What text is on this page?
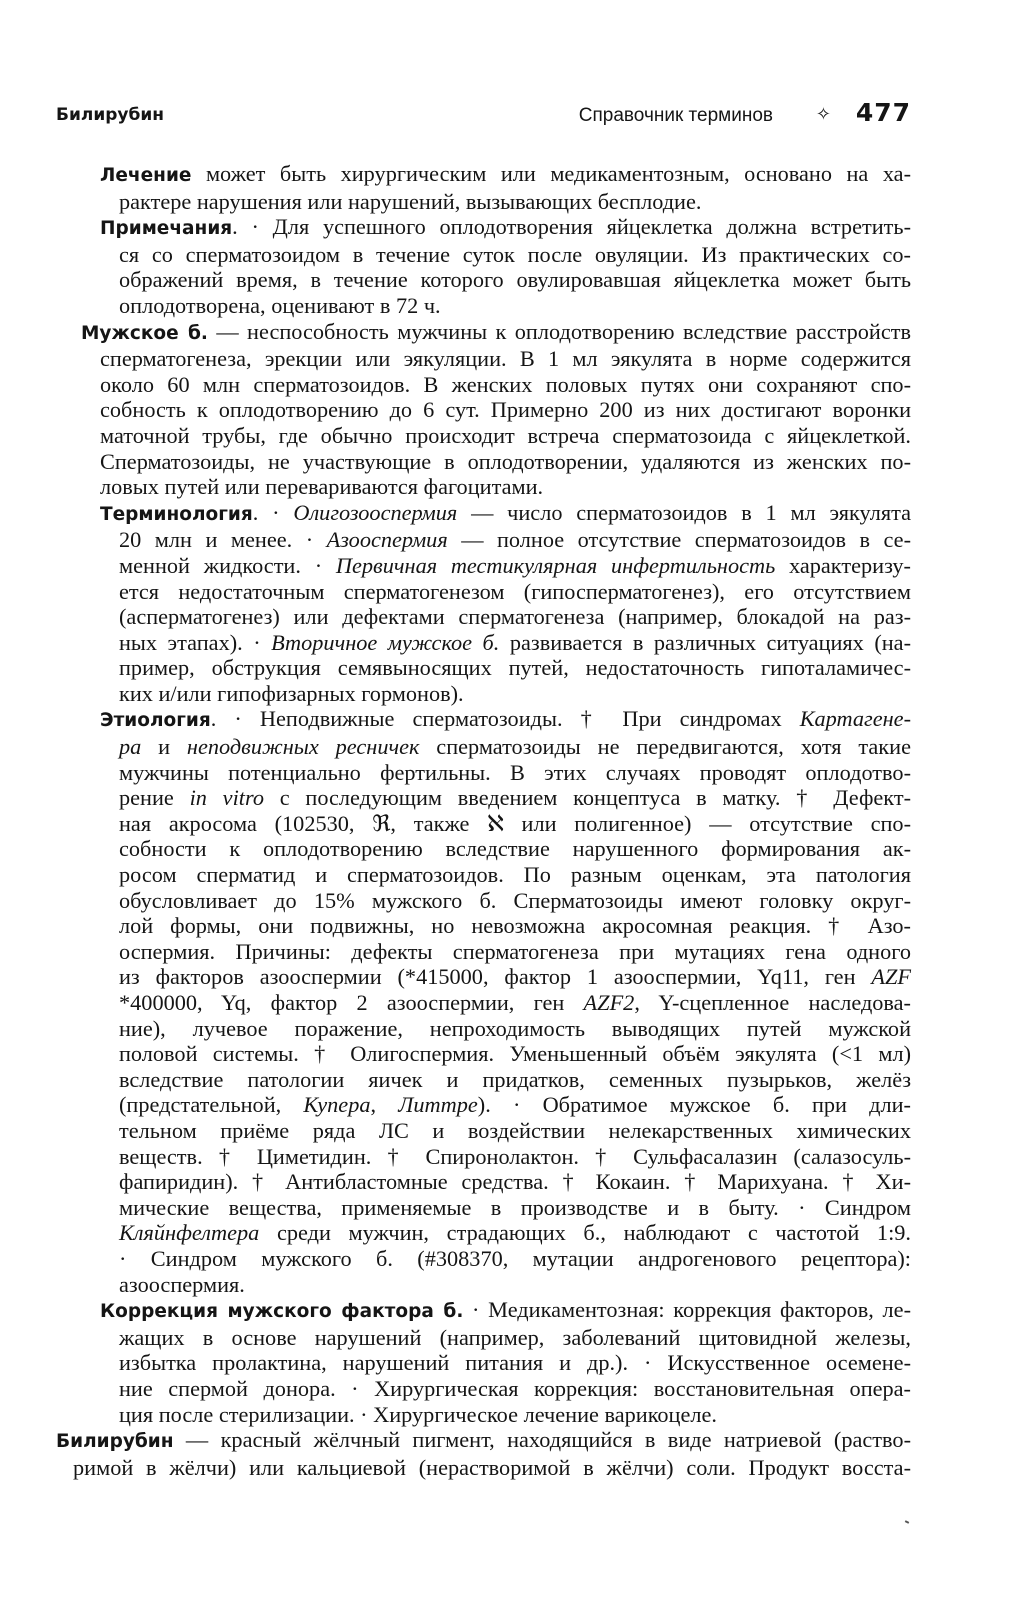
Билирубин	Справочник терминов ✧ 477
Лечение может быть хирургическим или медикаментозным, основано на ха-
рактере нарушения или нарушений, вызывающих бесплодие.
Примечания. · Для успешного оплодотворения яйцеклетка должна встретить-
ся со сперматозоидом в течение суток после овуляции. Из практических со-
ображений время, в течение которого овулировавшая яйцеклетка может быть
оплодотворена, оценивают в 72 ч.
Мужское б. — неспособность мужчины к оплодотворению вследствие расстройств
сперматогенеза, эрекции или эякуляции. В 1 мл эякулята в норме содержится
около 60 млн сперматозоидов. В женских половых путях они сохраняют спо-
собность к оплодотворению до 6 сут. Примерно 200 из них достигают воронки
маточной трубы, где обычно происходит встреча сперматозоида с яйцеклеткой.
Сперматозоиды, не участвующие в оплодотворении, удаляются из женских по-
ловых путей или перевариваются фагоцитами.
Терминология. · Олигозооспермия — число сперматозоидов в 1 мл эякулята
20 млн и менее. · Азооспермия — полное отсутствие сперматозоидов в се-
менной жидкости. · Первичная тестикулярная инфертильность характеризу-
ется недостаточным сперматогенезом (гипосперматогенез), его отсутствием
(асперматогенез) или дефектами сперматогенеза (например, блокадой на раз-
ных этапах). · Вторичное мужское б. развивается в различных ситуациях (на-
пример, обструкция семявыносящих путей, недостаточность гипоталамичес-
ких и/или гипофизарных гормонов).
Этиология. · Неподвижные сперматозоиды. † При синдромах Картагене-
ра и неподвижных ресничек сперматозоиды не передвигаются, хотя такие
мужчины потенциально фертильны. В этих случаях проводят оплодотво-
рение in vitro с последующим введением концептуса в матку. † Дефект-
ная акросома (102530, ℜ, также ℵ или полигенное) — отсутствие спо-
собности к оплодотворению вследствие нарушенного формирования ак-
росом сперматид и сперматозоидов. По разным оценкам, эта патология
обусловливает до 15% мужского б. Сперматозоиды имеют головку округ-
лой формы, они подвижны, но невозможна акросомная реакция. † Азо-
оспермия. Причины: дефекты сперматогенеза при мутациях гена одного
из факторов азооспермии (*415000, фактор 1 азооспермии, Yq11, ген AZF
*400000, Yq, фактор 2 азооспермии, ген AZF2, Y-сцепленное наследова-
ние), лучевое поражение, непроходимость выводящих путей мужской
половой системы. † Олигоспермия. Уменьшенный объём эякулята (<1 мл)
вследствие патологии яичек и придатков, семенных пузырьков, желёз
(предстательной, Купера, Литтре). · Обратимое мужское б. при дли-
тельном приёме ряда ЛС и воздействии нелекарственных химических
веществ. † Циметидин. † Спиронолактон. † Сульфасалазин (салазосуль-
фапиридин). † Антибластомные средства. † Кокаин. † Марихуана. † Хи-
мические вещества, применяемые в производстве и в быту. · Синдром
Кляйнфелтера среди мужчин, страдающих б., наблюдают с частотой 1:9.
· Синдром мужского б. (#308370, мутации андрогенового рецептора):
азооспермия.
Коррекция мужского фактора б. · Медикаментозная: коррекция факторов, ле-
жащих в основе нарушений (например, заболеваний щитовидной железы,
избытка пролактина, нарушений питания и др.). · Искусственное осемене-
ние спермой донора. · Хирургическая коррекция: восстановительная опера-
ция после стерилизации. · Хирургическое лечение варикоцеле.
Билирубин — красный жёлчный пигмент, находящийся в виде натриевой (раство-
римой в жёлчи) или кальциевой (нерастворимой в жёлчи) соли. Продукт восста-
